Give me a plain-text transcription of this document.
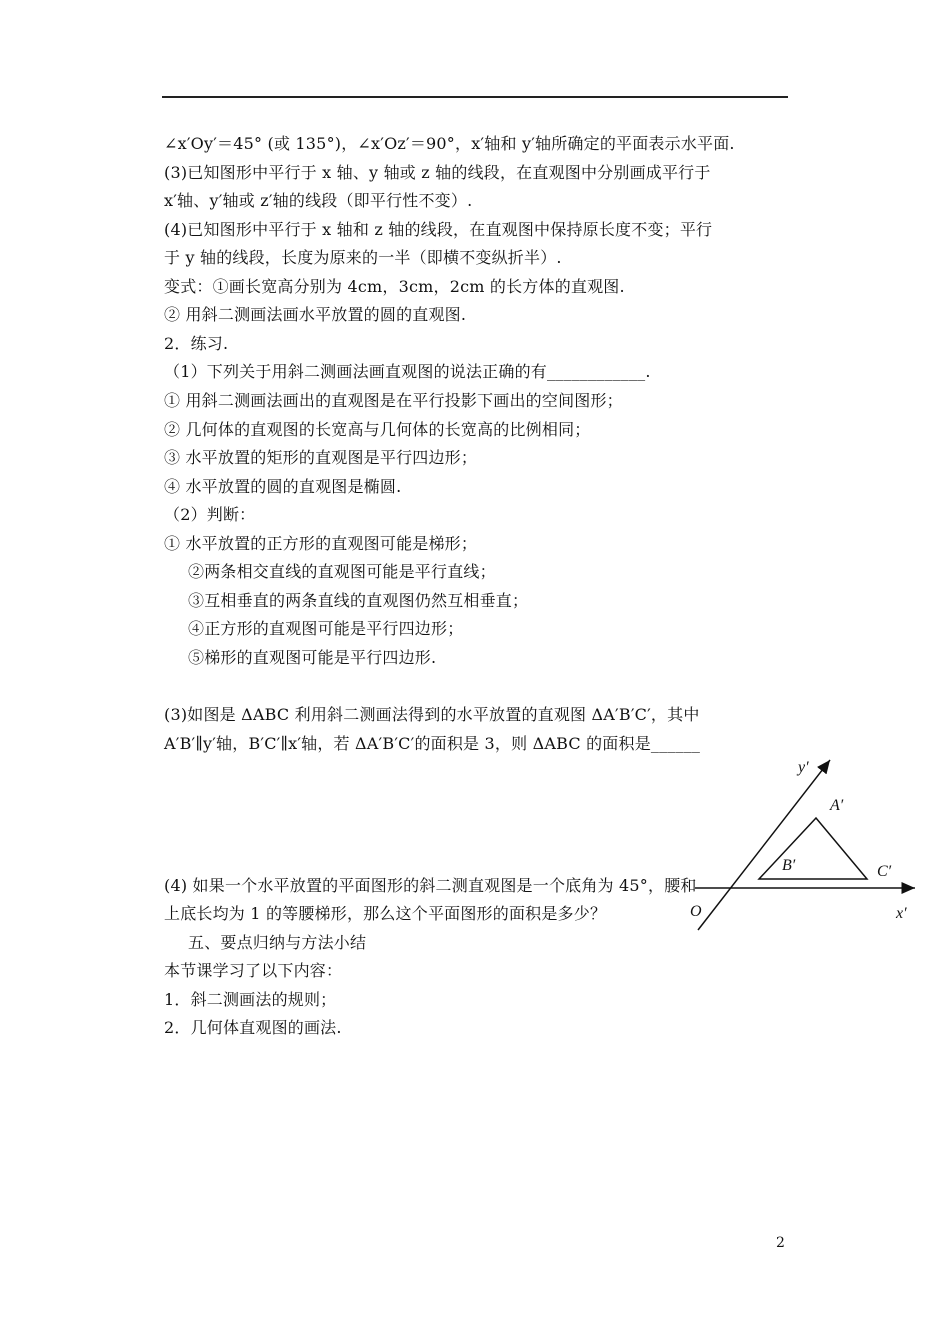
∠x′Oy′＝45° (或 135°)，∠x′Oz′＝90°，x′轴和 y′轴所确定的平面表示水平面.
(3)已知图形中平行于 x 轴、y 轴或 z 轴的线段，在直观图中分别画成平行于
x′轴、y′轴或 z′轴的线段（即平行性不变）.
(4)已知图形中平行于 x 轴和 z 轴的线段，在直观图中保持原长度不变；平行
于 y 轴的线段，长度为原来的一半（即横不变纵折半）.
变式：①画长宽高分别为 4cm，3cm，2cm 的长方体的直观图.
② 用斜二测画法画水平放置的圆的直观图.
2．练习.
（1）下列关于用斜二测画法画直观图的说法正确的有____________.
① 用斜二测画法画出的直观图是在平行投影下画出的空间图形；
② 几何体的直观图的长宽高与几何体的长宽高的比例相同；
③ 水平放置的矩形的直观图是平行四边形；
④ 水平放置的圆的直观图是椭圆.
（2）判断：
① 水平放置的正方形的直观图可能是梯形；
②两条相交直线的直观图可能是平行直线；
③互相垂直的两条直线的直观图仍然互相垂直；
④正方形的直观图可能是平行四边形；
⑤梯形的直观图可能是平行四边形.
(3)如图是 ΔABC 利用斜二测画法得到的水平放置的直观图 ΔA′B′C′，其中
A′B′∥y′轴，B′C′∥x′轴，若 ΔA′B′C′的面积是 3，则 ΔABC 的面积是______
(4) 如果一个水平放置的平面图形的斜二测直观图是一个底角为 45°，腰和
上底长均为 1 的等腰梯形，那么这个平面图形的面积是多少？
五、要点归纳与方法小结
本节课学习了以下内容：
1．斜二测画法的规则；
2．几何体直观图的画法.
y′
A′
B′	C′
O	x′
2
